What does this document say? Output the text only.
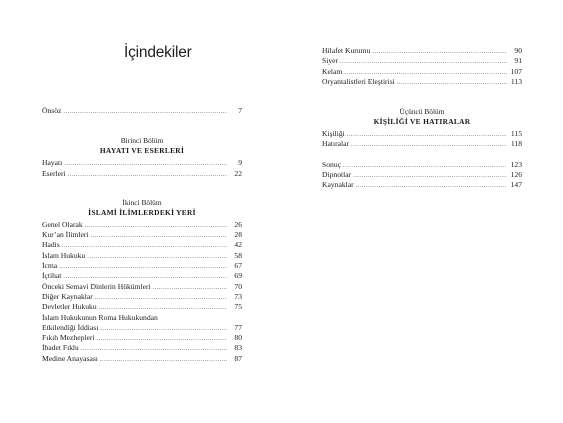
İçindekiler
Önsöz .....	7
Birinci Bölüm
HAYATI VE ESERLERİ
Hayatı .....	9
Eserleri .....	22
İkinci Bölüm
İSLAMİ İLİMLERDEKİ YERİ
Genel Olarak .....	26
Kur’an İlimleri .....	28
Hadis .....	42
İslam Hukuku .....	58
İcma .....	67
İçtihat .....	69
Önceki Semavi Dinlerin Hükümleri .....	70
Diğer Kaynaklar .....	73
Devletler Hukuku .....	75
İslam Hukukunun Roma Hukukundan
Etkilendiği İddiası .....	77
Fıkıh Mezhepleri .....	80
İbadet Fıkhı .....	83
Medine Anayasası .....	87
Hilafet Kurumu .....	90
Siyer .....	91
Kelam .....	107
Oryantalistleri Eleştirisi .....	113
Üçüncü Bölüm
KİŞİLİĞİ VE HATIRALAR
Kişiliği .....	115
Hatıralar .....	118
Sonuç .....	123
Dipnotlar .....	126
Kaynaklar .....	147
